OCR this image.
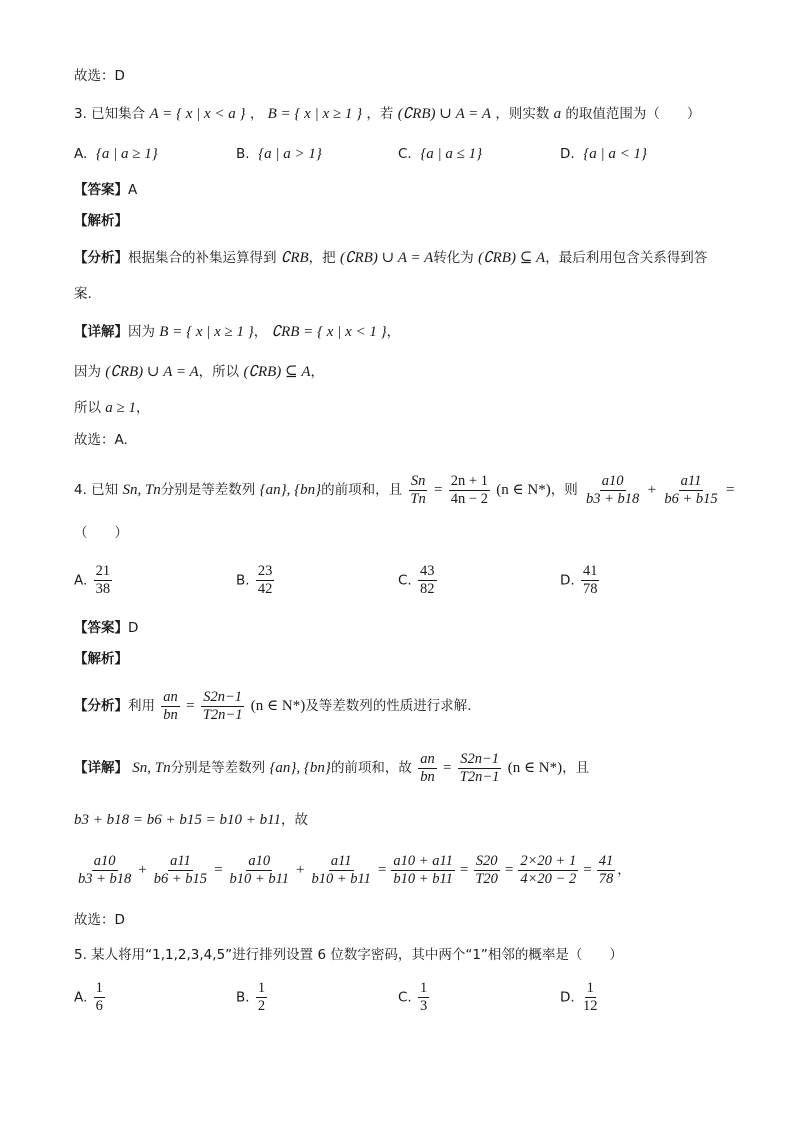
故选：D
3. 已知集合 A = { x | x < a } ， B = { x | x ≥ 1 } ，若 (∁RB) ∪ A = A ，则实数 a 的取值范围为（　　）
A. {a | a ≥ 1}	B. {a | a > 1}	C. {a | a ≤ 1}	D. {a | a < 1}
【答案】A
【解析】
【分析】根据集合的补集运算得到 ∁RB，把 (∁RB) ∪ A = A转化为 (∁RB) ⊆ A，最后利用包含关系得到答
案.
【详解】因为 B = { x | x ≥ 1 }， ∁RB = { x | x < 1 }，
因为 (∁RB) ∪ A = A，所以 (∁RB) ⊆ A，
所以 a ≥ 1，
故选：A.
4. 已知 Sn, Tn分别是等差数列 {an}, {bn}的前项和，且 $\frac{Sn}{Tn} = \frac{2n + 1}{4n - 2} (n$ ∈ N*)，则 $\frac{a10}{b3 + b18} + \frac{a11}{b6 + b15}$ =
（　　）
A. $\frac{21}{38}$	B. $\frac{23}{42}$	C. $\frac{43}{82}$	D. $\frac{41}{78}$
【答案】D
【解析】
【分析】利用 $\frac{an}{bn} = \frac{S2n-1}{T2n-1} (n$ ∈ N*)及等差数列的性质进行求解.
【详解】 Sn, Tn分别是等差数列 {an}, {bn}的前项和，故 $\frac{an}{bn} = \frac{S2n-1}{T2n-1} (n$ ∈ N*)，且
b3 + b18 = b6 + b15 = b10 + b11，故
$\frac{a10}{b3 + b18} + \frac{a11}{b6 + b15} = \frac{a10}{b10 + b11} + \frac{a11}{b10 + b11} = \frac{a10 + a11}{b10 + b11} = \frac{S20}{T20} = \frac{2\times 20 + 1}{4\times 20 - 2} = \frac{41}{78}$ ，
故选：D
5. 某人将用“1,1,2,3,4,5”进行排列设置 6 位数字密码，其中两个“1”相邻的概率是（　　）
A. $\frac{1}{6}$	B. $\frac{1}{2}$	C. $\frac{1}{3}$	D. $\frac{1}{12}$
